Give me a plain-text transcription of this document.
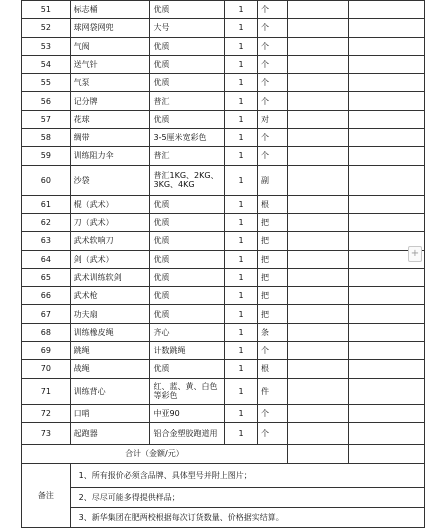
51	标志桶	优质	1	个		
52	球网袋网兜	大号	1	个		
53	气阀	优质	1	个		
54	送气针	优质	1	个		
55	气泵	优质	1	个		
56	记分牌	普汇	1	个		
57	花球	优质	1	对		
58	绸带	3-5厘米宽彩色	1	个		
59	训练阻力伞	普汇	1	个		
60	沙袋	普汇1KG、2KG、3KG、4KG	1	副		
61	棍（武术）	优质	1	根		
62	刀（武术）	优质	1	把		
63	武术软响刀	优质	1	把		
64	剑（武术）	优质	1	把		
65	武术训练软剑	优质	1	把		
66	武术枪	优质	1	把		
67	功夫扇	优质	1	把		
68	训练橡皮绳	齐心	1	条		
69	跳绳	计数跳绳	1	个		
70	战绳	优质	1	根		
71	训练背心	红、蓝、黄、白色等彩色	1	件		
72	口哨	中亚90	1	个		
73	起跑器	铝合金塑胶跑道用	1	个		
合计（金额/元）						
备注	1、所有报价必须含品牌、具体型号并附上图片；					
	2、尽尽可能多得提供样品；					
	3、新华集团在肥两校根据每次订货数量、价格据实结算。					
+
